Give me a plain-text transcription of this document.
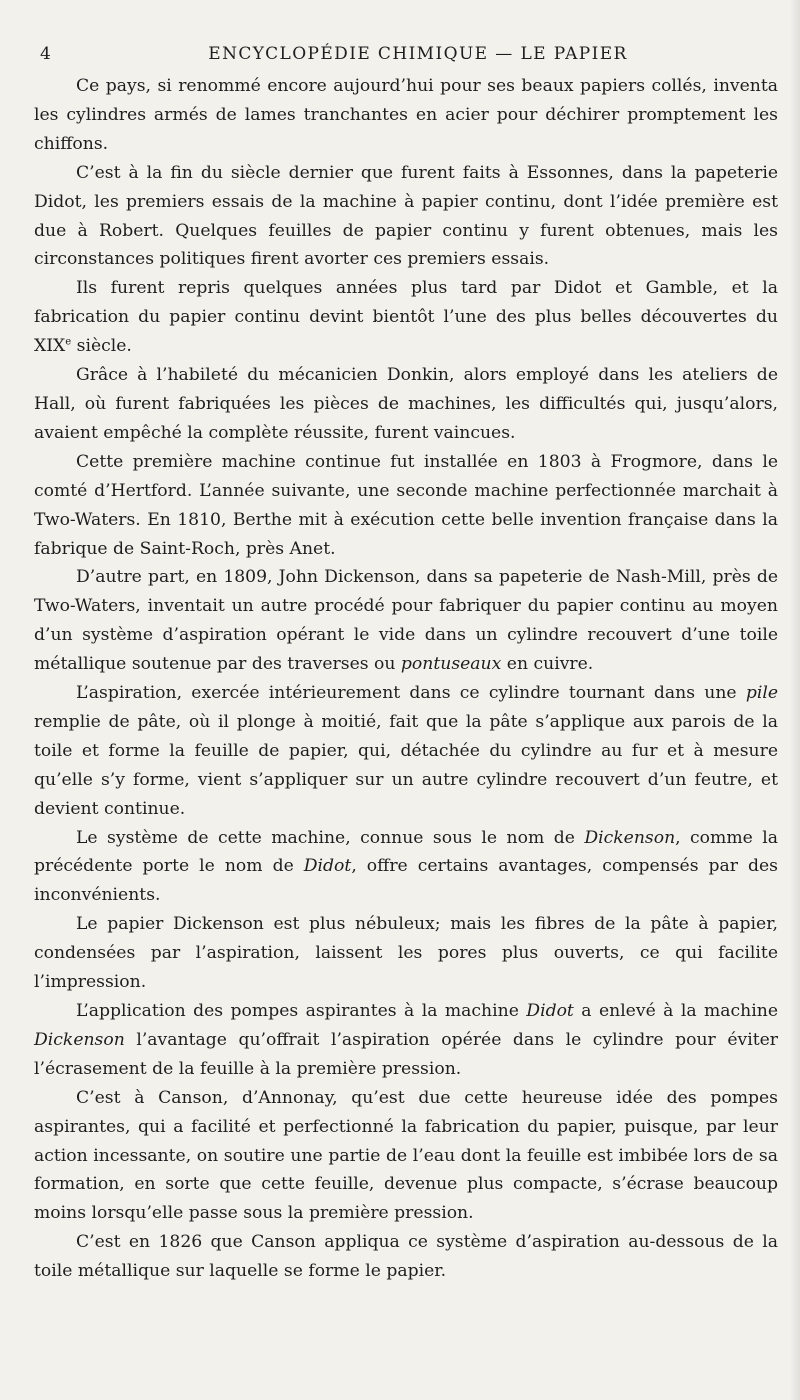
4	ENCYCLOPÉDIE CHIMIQUE — LE PAPIER

Ce pays, si renommé encore aujourd’hui pour ses beaux papiers collés, inventa les cylindres armés de lames tranchantes en acier pour déchirer promptement les chiffons.

C’est à la fin du siècle dernier que furent faits à Essonnes, dans la papeterie Didot, les premiers essais de la machine à papier continu, dont l’idée première est due à Robert. Quelques feuilles de papier continu y furent obtenues, mais les circonstances politiques firent avorter ces premiers essais.

Ils furent repris quelques années plus tard par Didot et Gamble, et la fabrication du papier continu devint bientôt l’une des plus belles découvertes du XIXe siècle.

Grâce à l’habileté du mécanicien Donkin, alors employé dans les ateliers de Hall, où furent fabriquées les pièces de machines, les difficultés qui, jusqu’alors, avaient empêché la complète réussite, furent vaincues.

Cette première machine continue fut installée en 1803 à Frogmore, dans le comté d’Hertford. L’année suivante, une seconde machine perfectionnée marchait à Two-Waters. En 1810, Berthe mit à exécution cette belle invention française dans la fabrique de Saint-Roch, près Anet.

D’autre part, en 1809, John Dickenson, dans sa papeterie de Nash-Mill, près de Two-Waters, inventait un autre procédé pour fabriquer du papier continu au moyen d’un système d’aspiration opérant le vide dans un cylindre recouvert d’une toile métallique soutenue par des traverses ou pontuseaux en cuivre.

L’aspiration, exercée intérieurement dans ce cylindre tournant dans une pile remplie de pâte, où il plonge à moitié, fait que la pâte s’applique aux parois de la toile et forme la feuille de papier, qui, détachée du cylindre au fur et à mesure qu’elle s’y forme, vient s’appliquer sur un autre cylindre recouvert d’un feutre, et devient continue.

Le système de cette machine, connue sous le nom de Dickenson, comme la précédente porte le nom de Didot, offre certains avantages, compensés par des inconvénients.

Le papier Dickenson est plus nébuleux; mais les fibres de la pâte à papier, condensées par l’aspiration, laissent les pores plus ouverts, ce qui facilite l’impression.

L’application des pompes aspirantes à la machine Didot a enlevé à la machine Dickenson l’avantage qu’offrait l’aspiration opérée dans le cylindre pour éviter l’écrasement de la feuille à la première pression.

C’est à Canson, d’Annonay, qu’est due cette heureuse idée des pompes aspirantes, qui a facilité et perfectionné la fabrication du papier, puisque, par leur action incessante, on soutire une partie de l’eau dont la feuille est imbibée lors de sa formation, en sorte que cette feuille, devenue plus compacte, s’écrase beaucoup moins lorsqu’elle passe sous la première pression.

C’est en 1826 que Canson appliqua ce système d’aspiration au-dessous de la toile métallique sur laquelle se forme le papier.
